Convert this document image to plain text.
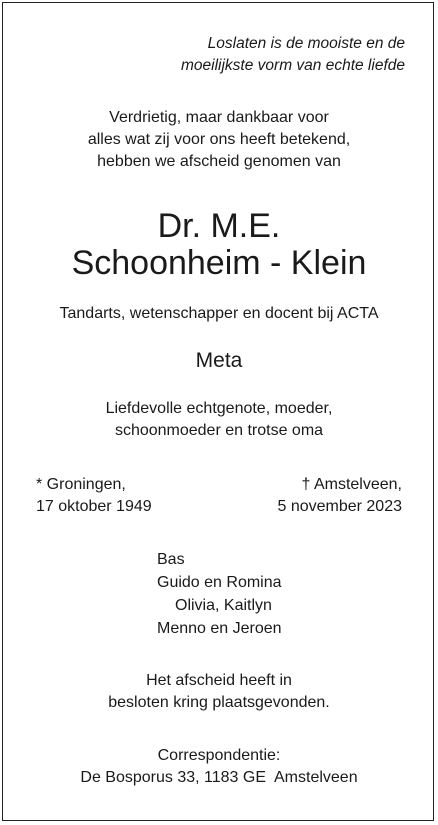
Loslaten is de mooiste en de
moeilijkste vorm van echte liefde
Verdrietig, maar dankbaar voor
alles wat zij voor ons heeft betekend,
hebben we afscheid genomen van
Dr. M.E.
Schoonheim - Klein
Tandarts, wetenschapper en docent bij ACTA
Meta
Liefdevolle echtgenote, moeder,
schoonmoeder en trotse oma
* Groningen,
17 oktober 1949
† Amstelveen,
5 november 2023
Bas
Guido en Romina
Olivia, Kaitlyn
Menno en Jeroen
Het afscheid heeft in
besloten kring plaatsgevonden.
Correspondentie:
De Bosporus 33, 1183 GE  Amstelveen
